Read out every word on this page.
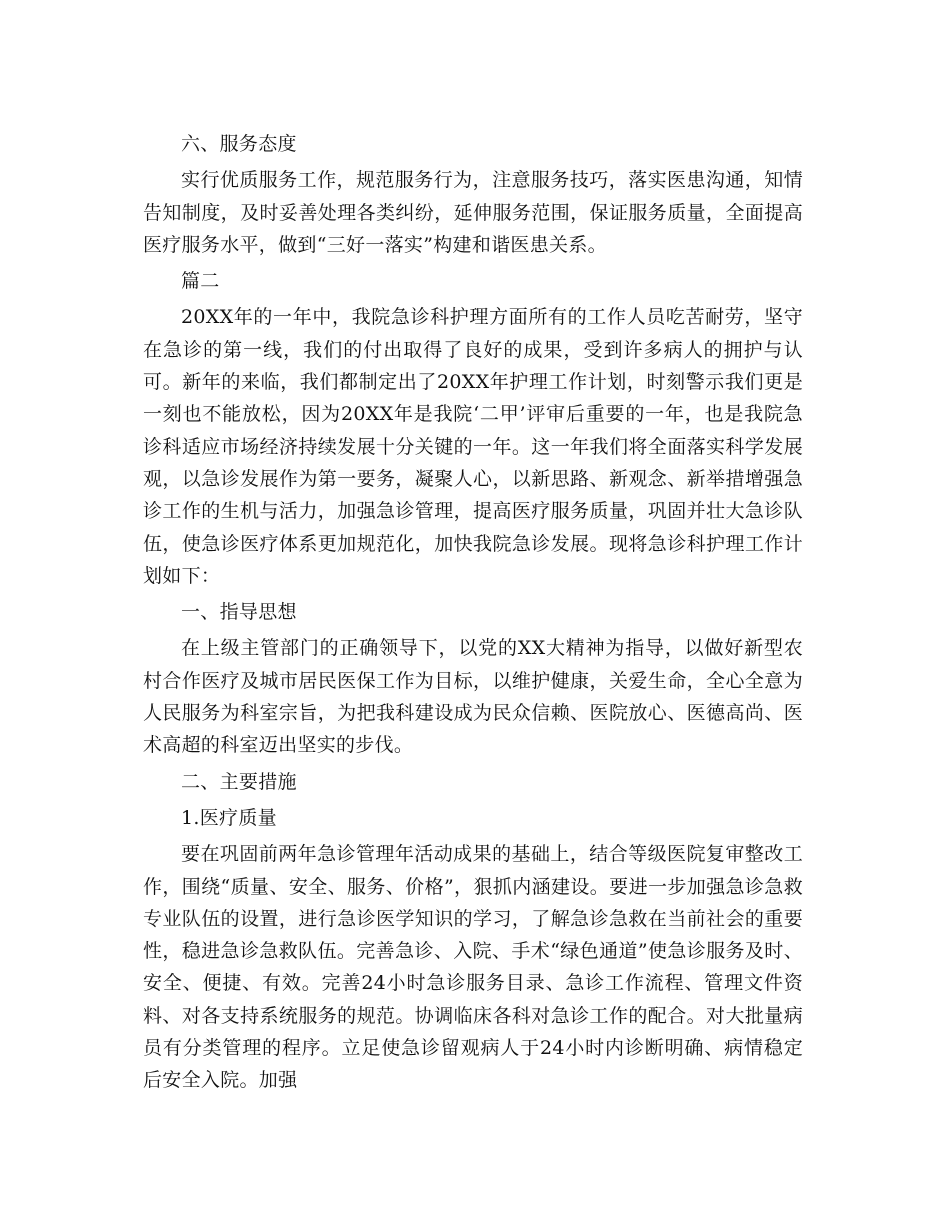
六、服务态度

实行优质服务工作，规范服务行为，注意服务技巧，落实医患沟通，知情告知制度，及时妥善处理各类纠纷，延伸服务范围，保证服务质量，全面提高医疗服务水平，做到“三好一落实”构建和谐医患关系。

篇二

20XX年的一年中，我院急诊科护理方面所有的工作人员吃苦耐劳，坚守在急诊的第一线，我们的付出取得了良好的成果，受到许多病人的拥护与认可。新年的来临，我们都制定出了20XX年护理工作计划，时刻警示我们更是一刻也不能放松，因为20XX年是我院‘二甲’评审后重要的一年，也是我院急诊科适应市场经济持续发展十分关键的一年。这一年我们将全面落实科学发展观，以急诊发展作为第一要务，凝聚人心，以新思路、新观念、新举措增强急诊工作的生机与活力，加强急诊管理，提高医疗服务质量，巩固并壮大急诊队伍，使急诊医疗体系更加规范化，加快我院急诊发展。现将急诊科护理工作计划如下：

一、指导思想

在上级主管部门的正确领导下，以党的XX大精神为指导，以做好新型农村合作医疗及城市居民医保工作为目标，以维护健康，关爱生命，全心全意为人民服务为科室宗旨，为把我科建设成为民众信赖、医院放心、医德高尚、医术高超的科室迈出坚实的步伐。

二、主要措施

1.医疗质量

要在巩固前两年急诊管理年活动成果的基础上，结合等级医院复审整改工作，围绕“质量、安全、服务、价格”，狠抓内涵建设。要进一步加强急诊急救专业队伍的设置，进行急诊医学知识的学习，了解急诊急救在当前社会的重要性，稳进急诊急救队伍。完善急诊、入院、手术“绿色通道”使急诊服务及时、安全、便捷、有效。完善24小时急诊服务目录、急诊工作流程、管理文件资料、对各支持系统服务的规范。协调临床各科对急诊工作的配合。对大批量病员有分类管理的程序。立足使急诊留观病人于24小时内诊断明确、病情稳定后安全入院。加强
